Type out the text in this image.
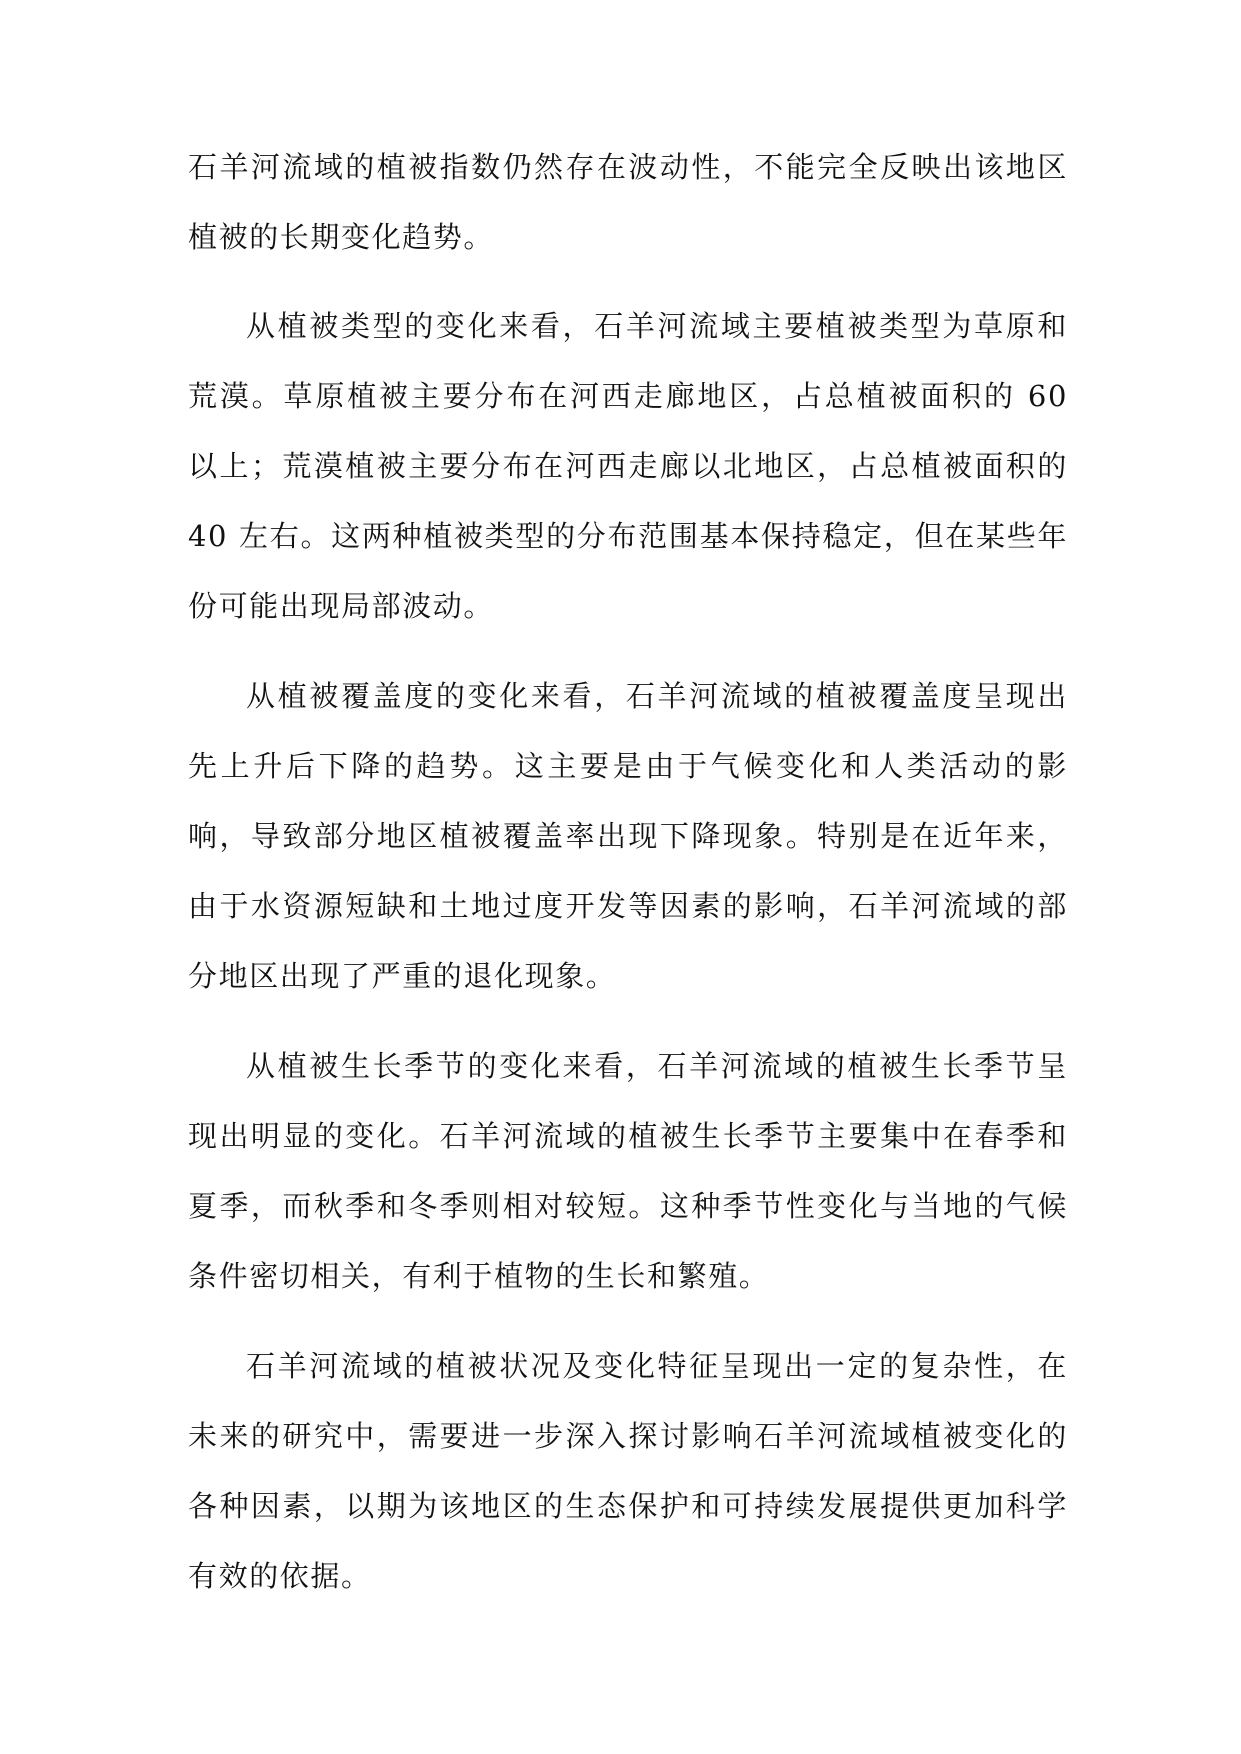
石羊河流域的植被指数仍然存在波动性，不能完全反映出该地区植被的长期变化趋势。

从植被类型的变化来看，石羊河流域主要植被类型为草原和荒漠。草原植被主要分布在河西走廊地区，占总植被面积的 60 以上；荒漠植被主要分布在河西走廊以北地区，占总植被面积的 40 左右。这两种植被类型的分布范围基本保持稳定，但在某些年份可能出现局部波动。

从植被覆盖度的变化来看，石羊河流域的植被覆盖度呈现出先上升后下降的趋势。这主要是由于气候变化和人类活动的影响，导致部分地区植被覆盖率出现下降现象。特别是在近年来，由于水资源短缺和土地过度开发等因素的影响，石羊河流域的部分地区出现了严重的退化现象。

从植被生长季节的变化来看，石羊河流域的植被生长季节呈现出明显的变化。石羊河流域的植被生长季节主要集中在春季和夏季，而秋季和冬季则相对较短。这种季节性变化与当地的气候条件密切相关，有利于植物的生长和繁殖。

石羊河流域的植被状况及变化特征呈现出一定的复杂性，在未来的研究中，需要进一步深入探讨影响石羊河流域植被变化的各种因素，以期为该地区的生态保护和可持续发展提供更加科学有效的依据。
